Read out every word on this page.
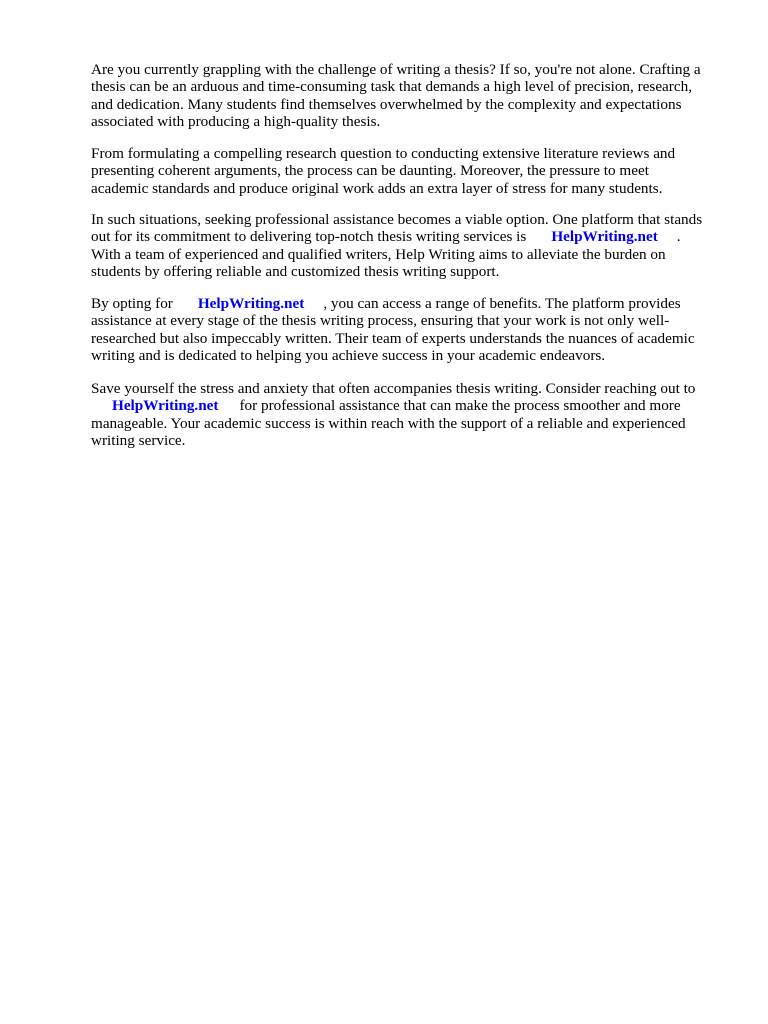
Are you currently grappling with the challenge of writing a thesis? If so, you're not alone. Crafting a
thesis can be an arduous and time-consuming task that demands a high level of precision, research,
and dedication. Many students find themselves overwhelmed by the complexity and expectations
associated with producing a high-quality thesis.
From formulating a compelling research question to conducting extensive literature reviews and
presenting coherent arguments, the process can be daunting. Moreover, the pressure to meet
academic standards and produce original work adds an extra layer of stress for many students.
In such situations, seeking professional assistance becomes a viable option. One platform that stands
out for its commitment to delivering top-notch thesis writing services is HelpWriting.net .
With a team of experienced and qualified writers, Help Writing aims to alleviate the burden on
students by offering reliable and customized thesis writing support.
By opting for HelpWriting.net , you can access a range of benefits. The platform provides
assistance at every stage of the thesis writing process, ensuring that your work is not only well-
researched but also impeccably written. Their team of experts understands the nuances of academic
writing and is dedicated to helping you achieve success in your academic endeavors.
Save yourself the stress and anxiety that often accompanies thesis writing. Consider reaching out to
HelpWriting.net for professional assistance that can make the process smoother and more
manageable. Your academic success is within reach with the support of a reliable and experienced
writing service.
